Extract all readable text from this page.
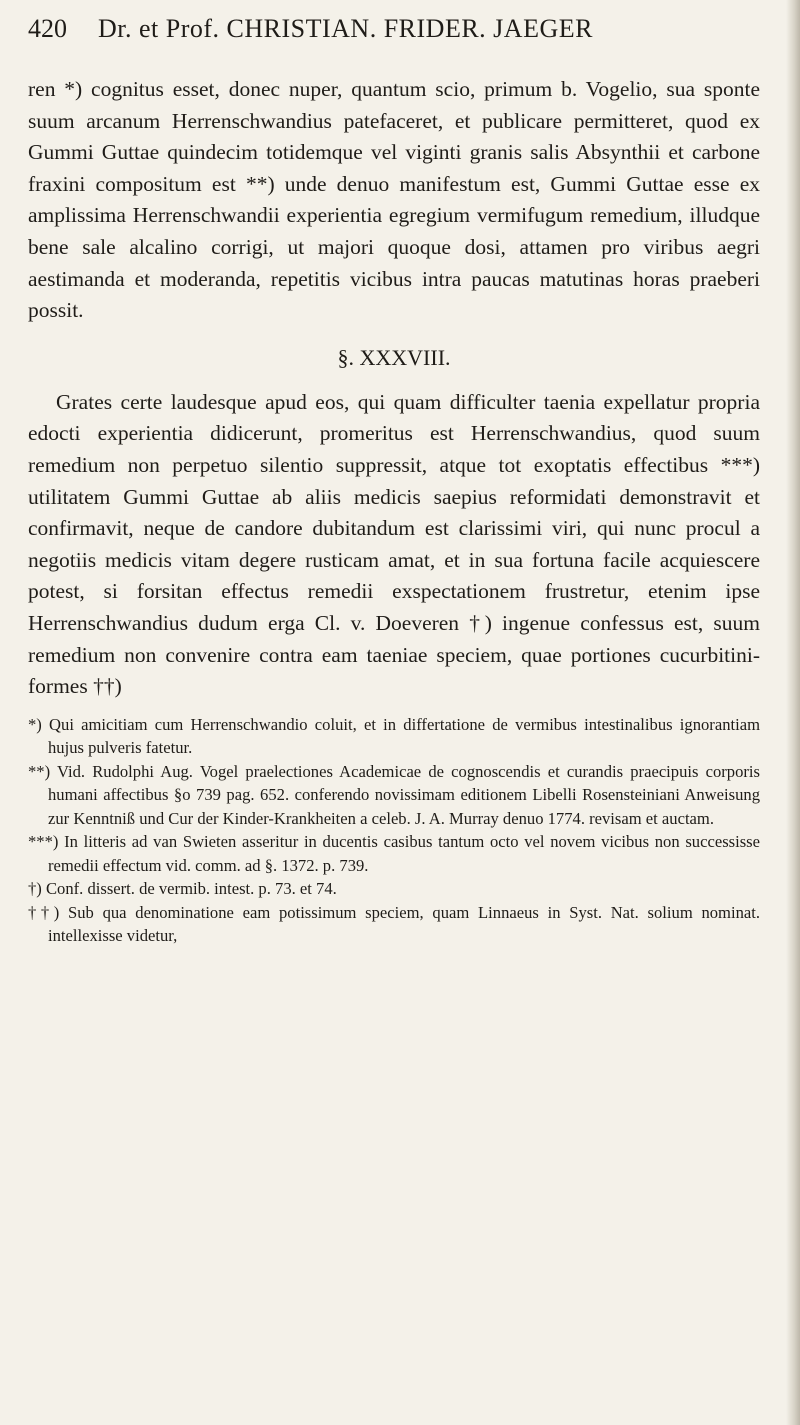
420	Dr. et Prof. CHRISTIAN. FRIDER. JAEGER

ren *) cognitus esset, donec nuper, quantum scio, primum b. Vogelio, sua sponte suum arcanum Herrenschwandius patefaceret, et publicare permitteret, quod ex Gummi Guttae quindecim totidemque vel viginti granis salis Absynthii et carbone fraxini compositum est **) unde denuo manifestum est, Gummi Guttae esse ex amplissima Herrenschwandii experientia egregium vermifugum remedium, illudque bene sale alcalino corrigi, ut majori quoque dosi, attamen pro viribus aegri aestimanda et moderanda, repetitis vicibus intra paucas matutinas horas praeberi possit.

§. XXXVIII.

Grates certe laudesque apud eos, qui quam difficulter taenia expellatur propria edocti experientia didicerunt, promeritus est Herrenschwandius, quod suum remedium non perpetuo silentio suppressit, atque tot exoptatis effectibus ***) utilitatem Gummi Guttae ab aliis medicis saepius reformidati demonstravit et confirmavit, neque de candore dubitandum est clarissimi viri, qui nunc procul a negotiis medicis vitam degere rusticam amat, et in sua fortuna facile acquiescere potest, si forsitan effectus remedii exspectationem frustretur, etenim ipse Herrenschwandius dudum erga Cl. v. Doeveren †) ingenue confessus est, suum remedium non convenire contra eam taeniae speciem, quae portiones cucurbitini-formes ††)

*) Qui amicitiam cum Herrenschwandio coluit, et in differtatione de vermibus intestinalibus ignorantiam hujus pulveris fatetur.

**) Vid. Rudolphi Aug. Vogel praelectiones Academicae de cognoscendis et curandis praecipuis corporis humani affectibus §o 739 pag. 652. conferendo novissimam editionem Libelli Rosensteiniani Anweisung zur Kenntniß und Cur der Kinder-Krankheiten a celeb. J. A. Murray denuo 1774. revisam et auctam.

***) In litteris ad van Swieten asseritur in ducentis casibus tantum octo vel novem vicibus non successisse remedii effectum vid. comm. ad §. 1372. p. 739.

†) Conf. dissert. de vermib. intest. p. 73. et 74.

††) Sub qua denominatione eam potissimum speciem, quam Linnaeus in Syst. Nat. solium nominat. intellexisse videtur,
